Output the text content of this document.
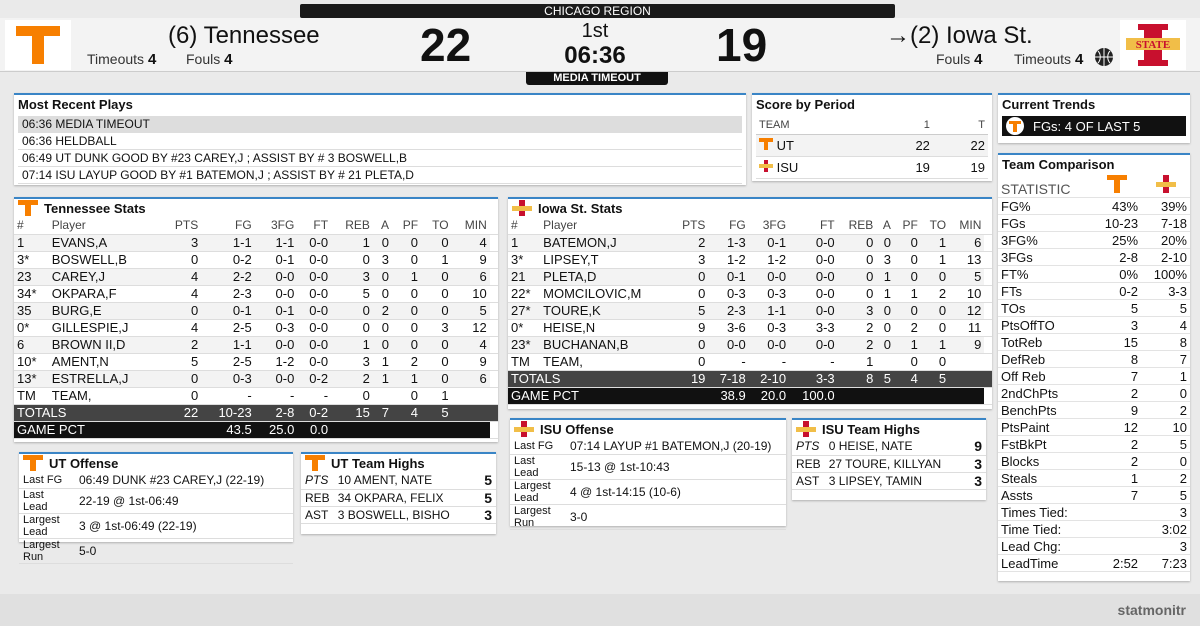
CHICAGO REGION
(6) Tennessee
Timeouts 4 Fouls 4	22	1st
06:36	19	→(2) Iowa St.
Fouls 4 Timeouts 4
STATE
MEDIA TIMEOUT
Most Recent Plays
06:36 MEDIA TIMEOUT
06:36 HELDBALL
06:49 UT DUNK GOOD BY #23 CAREY,J ; ASSIST BY # 3 BOSWELL,B
07:14 ISU LAYUP GOOD BY #1 BATEMON,J ; ASSIST BY # 21 PLETA,D
Score by Period
TEAM	1	T
UT	22	22
ISU	19	19
Current Trends
FGs: 4 OF LAST 5
Team Comparison
STATISTIC		
FG%	43%	39%
FGs	10-23	7-18
3FG%	25%	20%
3FGs	2-8	2-10
FT%	0%	100%
FTs	0-2	3-3
TOs	5	5
PtsOffTO	3	4
TotReb	15	8
DefReb	8	7
Off Reb	7	1
2ndChPts	2	0
BenchPts	9	2
PtsPaint	12	10
FstBkPt	2	5
Blocks	2	0
Steals	1	2
Assts	7	5
Times Tied:		3
Time Tied:		3:02
Lead Chg:		3
LeadTime	2:52	7:23
Tennessee Stats
#	Player	PTS	FG	3FG	FT	REB	A	PF	TO	MIN	
1	EVANS,A	3	1-1	1-1	0-0	1	0	0	0	4	
3*	BOSWELL,B	0	0-2	0-1	0-0	0	3	0	1	9	
23	CAREY,J	4	2-2	0-0	0-0	3	0	1	0	6	
34*	OKPARA,F	4	2-3	0-0	0-0	5	0	0	0	10	
35	BURG,E	0	0-1	0-1	0-0	0	2	0	0	5	
0*	GILLESPIE,J	4	2-5	0-3	0-0	0	0	0	3	12	
6	BROWN II,D	2	1-1	0-0	0-0	1	0	0	0	4	
10*	AMENT,N	5	2-5	1-2	0-0	3	1	2	0	9	
13*	ESTRELLA,J	0	0-3	0-0	0-2	2	1	1	0	6	
TM	TEAM,	0	-	-	-	0		0	1		
TOTALS		22	10-23	2-8	0-2	15	7	4	5		
GAME PCT			43.5	25.0	0.0						
Iowa St. Stats
#	Player	PTS	FG	3FG	FT	REB	A	PF	TO	MIN	
1	BATEMON,J	2	1-3	0-1	0-0	0	0	0	1	6	
3*	LIPSEY,T	3	1-2	1-2	0-0	0	3	0	1	13	
21	PLETA,D	0	0-1	0-0	0-0	0	1	0	0	5	
22*	MOMCILOVIC,M	0	0-3	0-3	0-0	0	1	1	2	10	
27*	TOURE,K	5	2-3	1-1	0-0	3	0	0	0	12	
0*	HEISE,N	9	3-6	0-3	3-3	2	0	2	0	11	
23*	BUCHANAN,B	0	0-0	0-0	0-0	2	0	1	1	9	
TM	TEAM,	0	-	-	-	1		0	0		
TOTALS		19	7-18	2-10	3-3	8	5	4	5		
GAME PCT			38.9	20.0	100.0						
UT Offense
Last FG	06:49 DUNK #23 CAREY,J (22-19)
Last Lead	22-19 @ 1st-06:49
Largest Lead	3 @ 1st-06:49 (22-19)
Largest Run	5-0
UT Team Highs
PTS	10 AMENT, NATE	5
REB	34 OKPARA, FELIX	5
AST	3 BOSWELL, BISHO	3
ISU Offense
Last FG	07:14 LAYUP #1 BATEMON,J (20-19)
Last Lead	15-13 @ 1st-10:43
Largest Lead	4 @ 1st-14:15 (10-6)
Largest Run	3-0
ISU Team Highs
PTS	0 HEISE, NATE	9
REB	27 TOURE, KILLYAN	3
AST	3 LIPSEY, TAMIN	3
statmonitr
